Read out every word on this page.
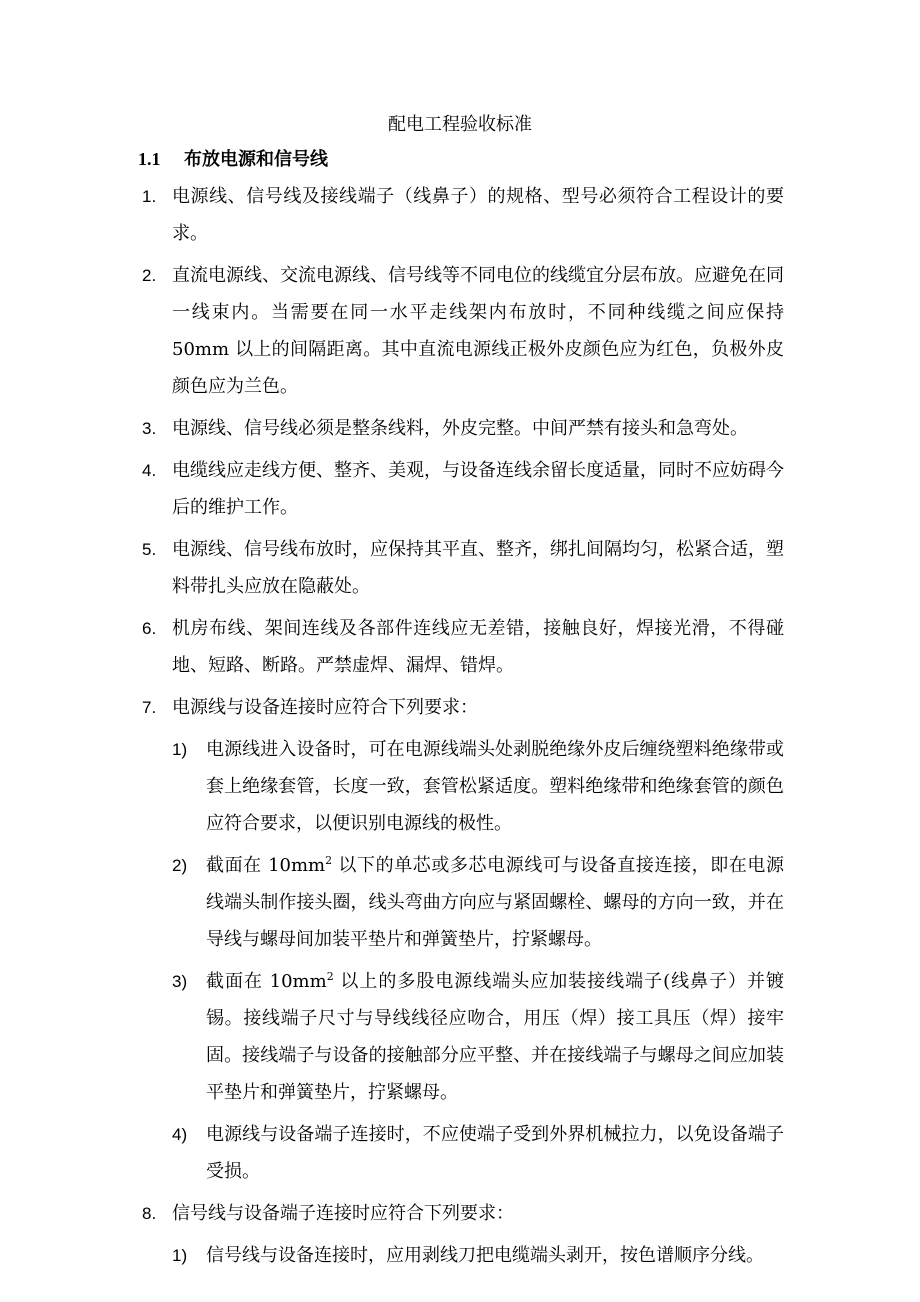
配电工程验收标准
1.1 布放电源和信号线
1. 电源线、信号线及接线端子（线鼻子）的规格、型号必须符合工程设计的要求。
2. 直流电源线、交流电源线、信号线等不同电位的线缆宜分层布放。应避免在同一线束内。当需要在同一水平走线架内布放时，不同种线缆之间应保持50mm 以上的间隔距离。其中直流电源线正极外皮颜色应为红色，负极外皮颜色应为兰色。
3. 电源线、信号线必须是整条线料，外皮完整。中间严禁有接头和急弯处。
4. 电缆线应走线方便、整齐、美观，与设备连线余留长度适量，同时不应妨碍今后的维护工作。
5. 电源线、信号线布放时，应保持其平直、整齐，绑扎间隔均匀，松紧合适，塑料带扎头应放在隐蔽处。
6. 机房布线、架间连线及各部件连线应无差错，接触良好，焊接光滑，不得碰地、短路、断路。严禁虚焊、漏焊、错焊。
7. 电源线与设备连接时应符合下列要求：
1) 电源线进入设备时，可在电源线端头处剥脱绝缘外皮后缠绕塑料绝缘带或套上绝缘套管，长度一致，套管松紧适度。塑料绝缘带和绝缘套管的颜色应符合要求，以便识别电源线的极性。
2) 截面在 $10mm^2$ 以下的单芯或多芯电源线可与设备直接连接，即在电源线端头制作接头圈，线头弯曲方向应与紧固螺栓、螺母的方向一致，并在导线与螺母间加装平垫片和弹簧垫片，拧紧螺母。
3) 截面在 $10mm^2$ 以上的多股电源线端头应加装接线端子(线鼻子）并镀锡。接线端子尺寸与导线线径应吻合，用压（焊）接工具压（焊）接牢固。接线端子与设备的接触部分应平整、并在接线端子与螺母之间应加装平垫片和弹簧垫片，拧紧螺母。
4) 电源线与设备端子连接时，不应使端子受到外界机械拉力，以免设备端子受损。
8. 信号线与设备端子连接时应符合下列要求：
1) 信号线与设备连接时，应用剥线刀把电缆端头剥开，按色谱顺序分线。
